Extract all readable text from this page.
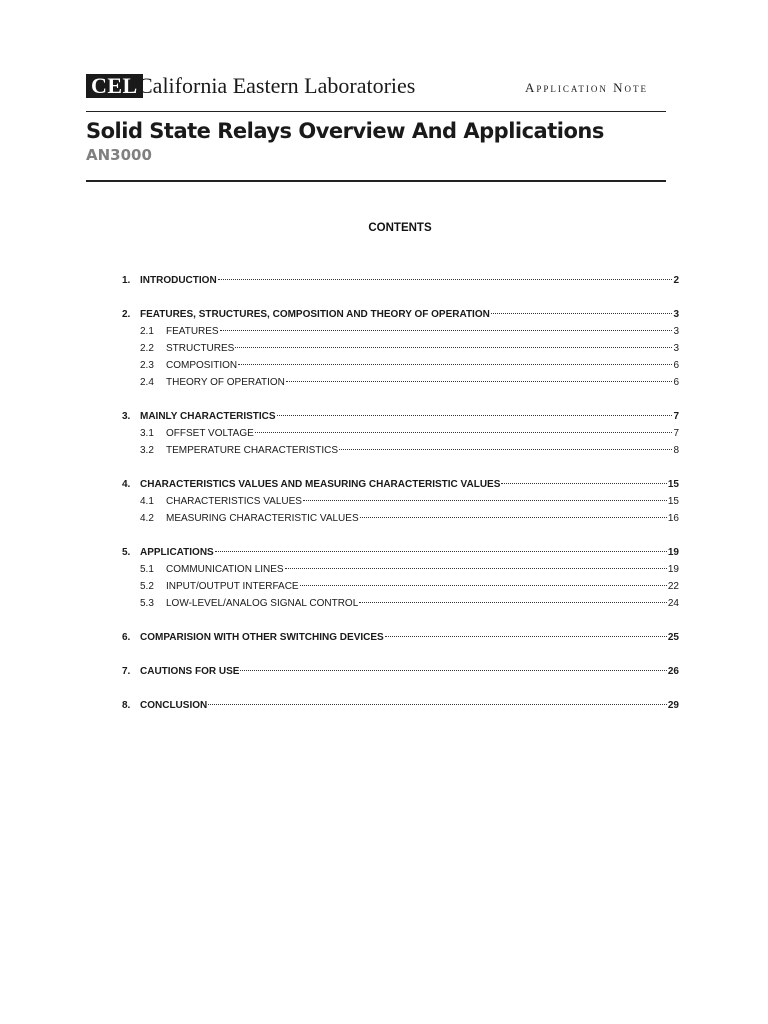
CEL California Eastern Laboratories	Application Note
Solid State Relays Overview And Applications
AN3000
CONTENTS
1. INTRODUCTION	2
2. FEATURES, STRUCTURES, COMPOSITION AND THEORY OF OPERATION	3
2.1	FEATURES	3
2.2	STRUCTURES	3
2.3	COMPOSITION	6
2.4	THEORY OF OPERATION	6
3. MAINLY CHARACTERISTICS	7
3.1	OFFSET VOLTAGE	7
3.2	TEMPERATURE CHARACTERISTICS	8
4. CHARACTERISTICS VALUES AND MEASURING CHARACTERISTIC VALUES	15
4.1	CHARACTERISTICS VALUES	15
4.2	MEASURING CHARACTERISTIC VALUES	16
5. APPLICATIONS	19
5.1	COMMUNICATION LINES	19
5.2	INPUT/OUTPUT INTERFACE	22
5.3	LOW-LEVEL/ANALOG SIGNAL CONTROL	24
6. COMPARISION WITH OTHER SWITCHING DEVICES	25
7. CAUTIONS FOR USE	26
8. CONCLUSION	29
